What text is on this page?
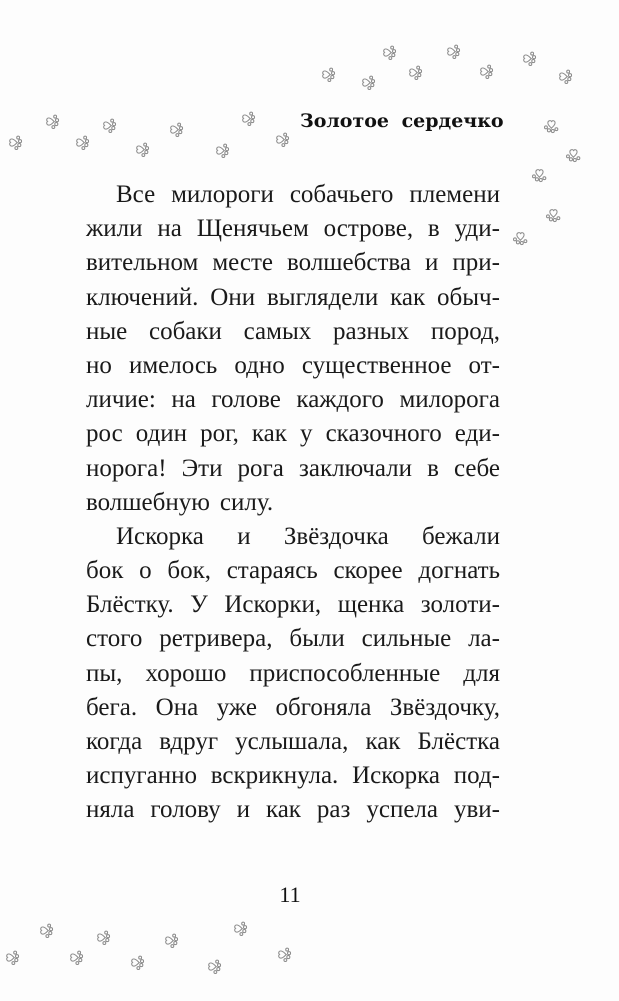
Золотое сердечко
Все милороги собачьего племени
жили на Щенячьем острове, в уди-
вительном месте волшебства и при-
ключений. Они выглядели как обыч-
ные собаки самых разных пород,
но имелось одно существенное от-
личие: на голове каждого милорога
рос один рог, как у сказочного еди-
норога! Эти рога заключали в себе
волшебную силу.
Искорка и Звёздочка бежали
бок о бок, стараясь скорее догнать
Блёстку. У Искорки, щенка золоти-
стого ретривера, были сильные ла-
пы, хорошо приспособленные для
бега. Она уже обгоняла Звёздочку,
когда вдруг услышала, как Блёстка
испуганно вскрикнула. Искорка под-
няла голову и как раз успела уви-
11
